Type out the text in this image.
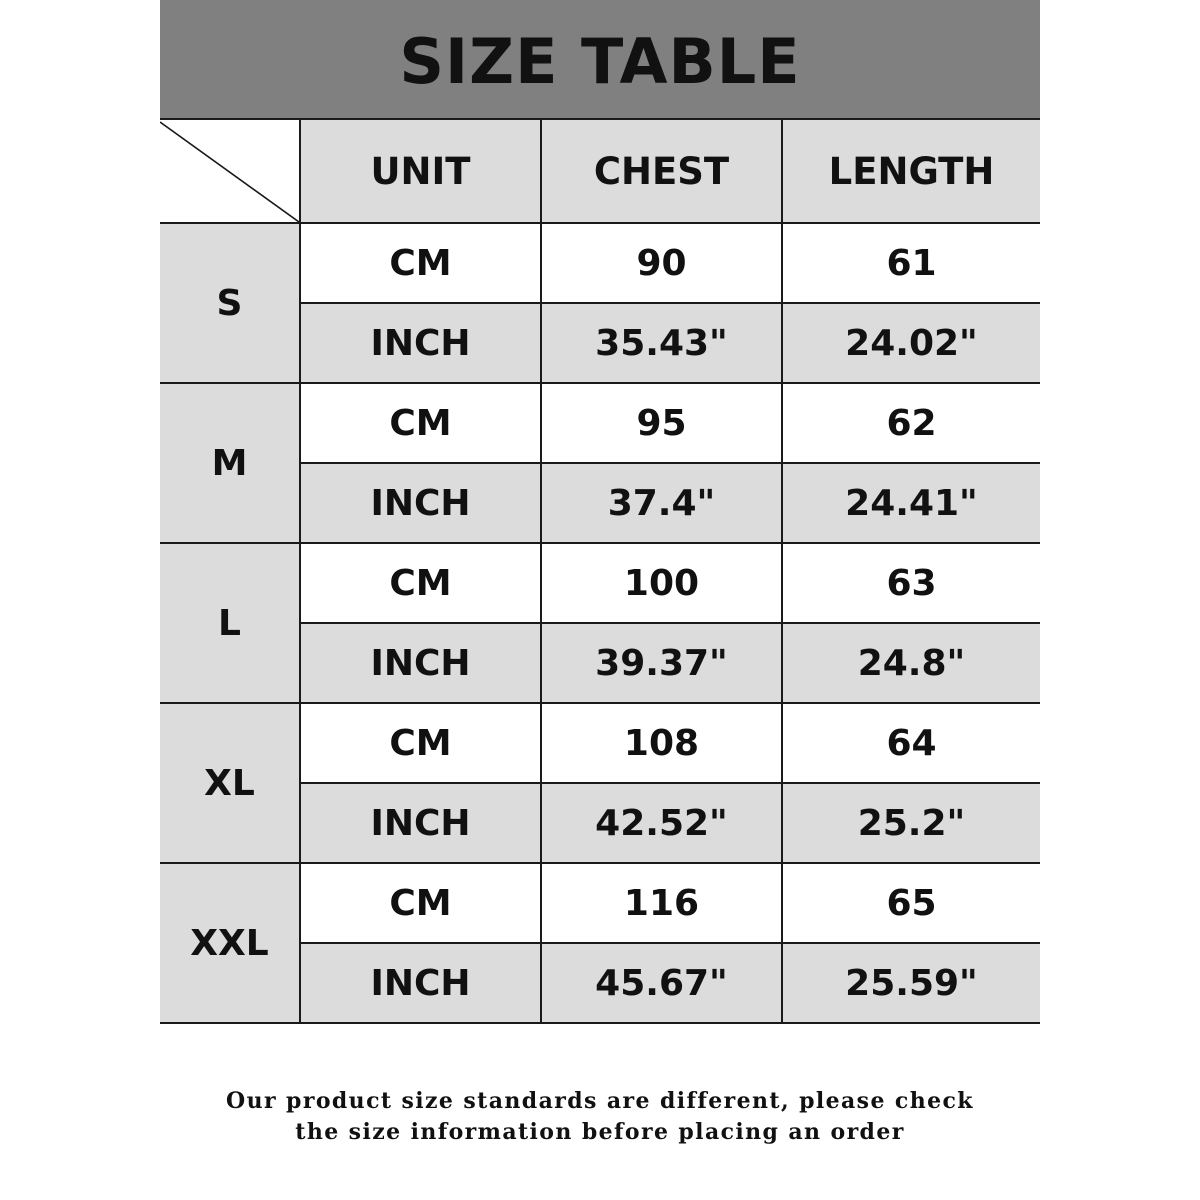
SIZE TABLE
	UNIT	CHEST	LENGTH
S	CM	90	61
	INCH	35.43"	24.02"
M	CM	95	62
	INCH	37.4"	24.41"
L	CM	100	63
	INCH	39.37"	24.8"
XL	CM	108	64
	INCH	42.52"	25.2"
XXL	CM	116	65
	INCH	45.67"	25.59"
Our product size standards are different, please check
the size information before placing an order
